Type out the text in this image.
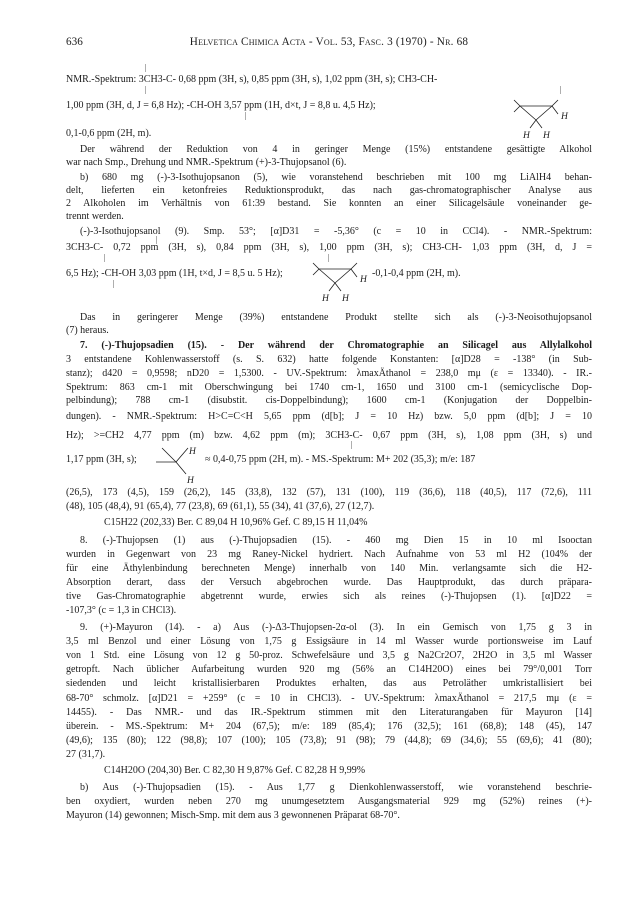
636	Helvetica Chimica Acta - Vol. 53, Fasc. 3 (1970) - Nr. 68
NMR.-Spektrum: 3CH3-C- 0,68 ppm (3H, s), 0,85 ppm (3H, s), 1,02 ppm (3H, s); CH3-CH-
|
|	|
1,00 ppm (3H, d, J = 6,8 Hz); -CH-OH 3,57 ppm (1H, d×t, J = 8,8 u. 4,5 Hz);
|	H
H H
0,1-0,6 ppm (2H, m).
Der während der Reduktion von 4 in geringer Menge (15%) entstandene gesättigte Alkohol
war nach Smp., Drehung und NMR.-Spektrum (+)-3-Thujopsanol (6).
b) 680 mg (-)-3-Isothujopsanon (5), wie voranstehend beschrieben mit 100 mg LiAlH4 behan-
delt, lieferten ein ketonfreies Reduktionsprodukt, das nach gas-chromatographischer Analyse aus
2 Alkoholen im Verhältnis von 61:39 bestand. Sie konnten an einer Silicagelsäule voneinander ge-
trennt werden.
(-)-3-Isothujopsanol (9). Smp. 53°; [α]D31 = -5,36° (c = 10 in CCl4). - NMR.-Spektrum:
|
3CH3-C- 0,72 ppm (3H, s), 0,84 ppm (3H, s), 1,00 ppm (3H, s); CH3-CH- 1,03 ppm (3H, d, J =
|	|
6,5 Hz); -CH-OH 3,03 ppm (1H, t×d, J = 8,5 u. 5 Hz);
|	H
H H
-0,1-0,4 ppm (2H, m).
Das in geringerer Menge (39%) entstandene Produkt stellte sich als (-)-3-Neoisothujopsanol
(7) heraus.
7. (-)-Thujopsadien (15). - Der während der Chromatographie an Silicagel aus Allylalkohol
3 entstandene Kohlenwasserstoff (s. S. 632) hatte folgende Konstanten: [α]D28 = -138° (in Sub-
stanz); d420 = 0,9598; nD20 = 1,5300. - UV.-Spektrum: λmaxÄthanol = 238,0 mμ (ε = 13340). - IR.-
Spektrum: 863 cm-1 mit Oberschwingung bei 1740 cm-1, 1650 und 3100 cm-1 (semicyclische Dop-
pelbindung); 788 cm-1 (disubstit. cis-Doppelbindung); 1600 cm-1 (Konjugation der Doppelbin-
dungen). - NMR.-Spektrum: H>C=C<H 5,65 ppm (d[b]; J = 10 Hz) bzw. 5,0 ppm (d[b]; J = 10
Hz); >=CH2 4,77 ppm (m) bzw. 4,62 ppm (m); 3CH3-C- 0,67 ppm (3H, s), 1,08 ppm (3H, s) und
|
1,17 ppm (3H, s);
H
H
≈ 0,4-0,75 ppm (2H, m). - MS.-Spektrum: M+ 202 (35,3); m/e: 187
(26,5), 173 (4,5), 159 (26,2), 145 (33,8), 132 (57), 131 (100), 119 (36,6), 118 (40,5), 117 (72,6), 111
(48), 105 (48,4), 91 (65,4), 77 (23,8), 69 (61,1), 55 (34), 41 (37,6), 27 (12,7).
C15H22 (202,33) Ber. C 89,04 H 10,96% Gef. C 89,15 H 11,04%
8. (-)-Thujopsen (1) aus (-)-Thujopsadien (15). - 460 mg Dien 15 in 10 ml Isooctan
wurden in Gegenwart von 23 mg Raney-Nickel hydriert. Nach Aufnahme von 53 ml H2 (104% der
für eine Äthylenbindung berechneten Menge) innerhalb von 140 Min. verlangsamte sich die H2-
Absorption derart, dass der Versuch abgebrochen wurde. Das Hauptprodukt, das durch präpara-
tive Gas-Chromatographie abgetrennt wurde, erwies sich als reines (-)-Thujopsen (1). [α]D22 =
-107,3° (c = 1,3 in CHCl3).
9. (+)-Mayuron (14). - a) Aus (-)-Δ3-Thujopsen-2α-ol (3). In ein Gemisch von 1,75 g 3 in
3,5 ml Benzol und einer Lösung von 1,75 g Essigsäure in 14 ml Wasser wurde portionsweise im Lauf
von 1 Std. eine Lösung von 12 g 50-proz. Schwefelsäure und 3,5 g Na2Cr2O7, 2H2O in 3,5 ml Wasser
getropft. Nach üblicher Aufarbeitung wurden 920 mg (56% an C14H20O) eines bei 79°/0,001 Torr
siedenden und leicht kristallisierbaren Produktes erhalten, das aus Petroläther umkristallisiert bei
68-70° schmolz. [α]D21 = +259° (c = 10 in CHCl3). - UV.-Spektrum: λmaxÄthanol = 217,5 mμ (ε =
14455). - Das NMR.- und das IR.-Spektrum stimmen mit den Literaturangaben für Mayuron [14]
überein. - MS.-Spektrum: M+ 204 (67,5); m/e: 189 (85,4); 176 (32,5); 161 (68,8); 148 (45), 147
(49,6); 135 (80); 122 (98,8); 107 (100); 105 (73,8); 91 (98); 79 (44,8); 69 (34,6); 55 (69,6); 41 (80);
27 (31,7).
C14H20O (204,30) Ber. C 82,30 H 9,87% Gef. C 82,28 H 9,99%
b) Aus (-)-Thujopsadien (15). - Aus 1,77 g Dienkohlenwasserstoff, wie voranstehend beschrie-
ben oxydiert, wurden neben 270 mg unumgesetztem Ausgangsmaterial 929 mg (52%) reines (+)-
Mayuron (14) gewonnen; Misch-Smp. mit dem aus 3 gewonnenen Präparat 68-70°.
